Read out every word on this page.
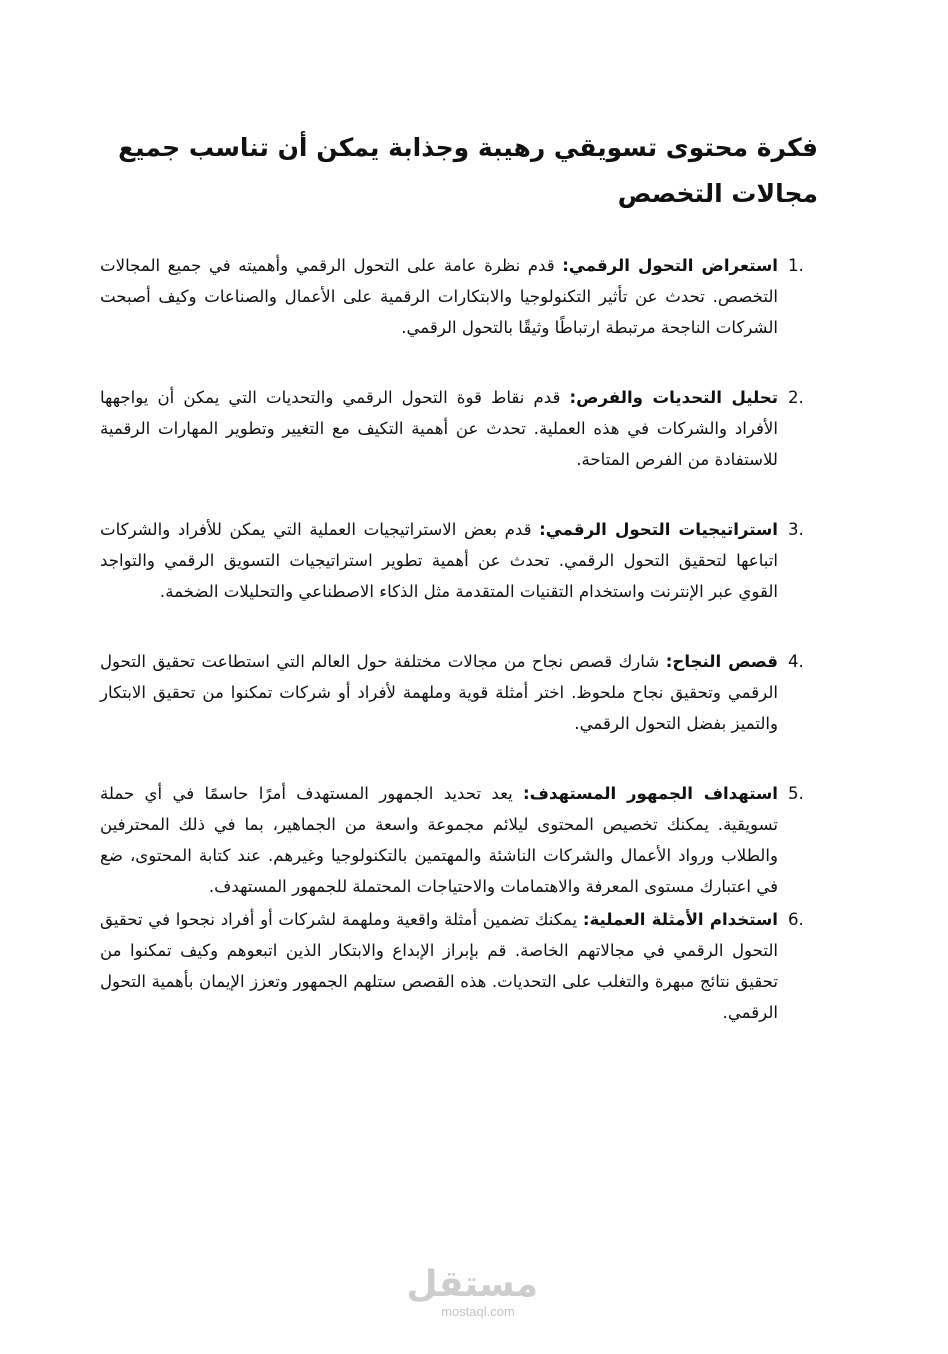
فكرة محتوى تسويقي رهيبة وجذابة يمكن أن تناسب جميع مجالات التخصص
1.
استعراض التحول الرقمي: قدم نظرة عامة على التحول الرقمي وأهميته في جميع المجالات التخصص. تحدث عن تأثير التكنولوجيا والابتكارات الرقمية على الأعمال والصناعات وكيف أصبحت الشركات الناجحة مرتبطة ارتباطًا وثيقًا بالتحول الرقمي.
2.
تحليل التحديات والفرص: قدم نقاط قوة التحول الرقمي والتحديات التي يمكن أن يواجهها الأفراد والشركات في هذه العملية. تحدث عن أهمية التكيف مع التغيير وتطوير المهارات الرقمية للاستفادة من الفرص المتاحة.
3.
استراتيجيات التحول الرقمي: قدم بعض الاستراتيجيات العملية التي يمكن للأفراد والشركات اتباعها لتحقيق التحول الرقمي. تحدث عن أهمية تطوير استراتيجيات التسويق الرقمي والتواجد القوي عبر الإنترنت واستخدام التقنيات المتقدمة مثل الذكاء الاصطناعي والتحليلات الضخمة.
4.
قصص النجاح: شارك قصص نجاح من مجالات مختلفة حول العالم التي استطاعت تحقيق التحول الرقمي وتحقيق نجاح ملحوظ. اختر أمثلة قوية وملهمة لأفراد أو شركات تمكنوا من تحقيق الابتكار والتميز بفضل التحول الرقمي.
5.
استهداف الجمهور المستهدف: يعد تحديد الجمهور المستهدف أمرًا حاسمًا في أي حملة تسويقية. يمكنك تخصيص المحتوى ليلائم مجموعة واسعة من الجماهير، بما في ذلك المحترفين والطلاب ورواد الأعمال والشركات الناشئة والمهتمين بالتكنولوجيا وغيرهم. عند كتابة المحتوى، ضع في اعتبارك مستوى المعرفة والاهتمامات والاحتياجات المحتملة للجمهور المستهدف.
6.
استخدام الأمثلة العملية: يمكنك تضمين أمثلة واقعية وملهمة لشركات أو أفراد نجحوا في تحقيق التحول الرقمي في مجالاتهم الخاصة. قم بإبراز الإبداع والابتكار الذين اتبعوهم وكيف تمكنوا من تحقيق نتائج مبهرة والتغلب على التحديات. هذه القصص ستلهم الجمهور وتعزز الإيمان بأهمية التحول الرقمي.
مستقل
mostaql.com
